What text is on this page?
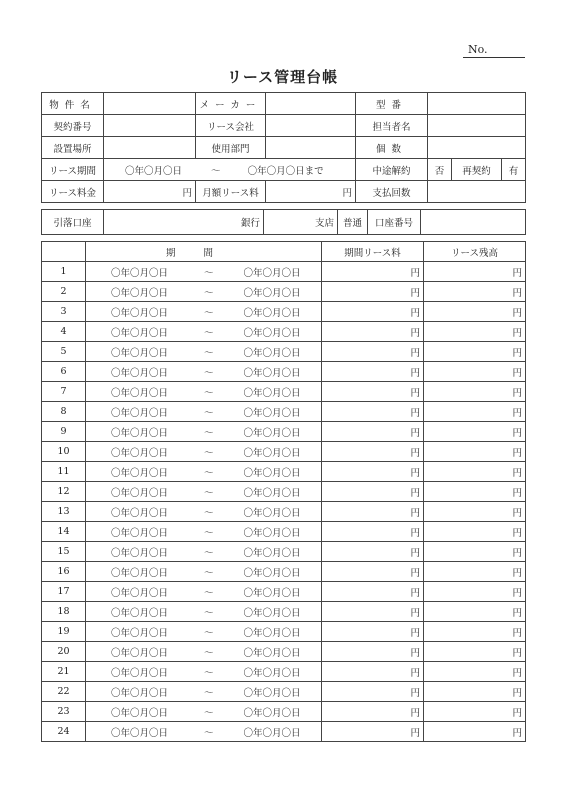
No.
リース管理台帳
物件名		メーカー		型番			
契約番号		リース会社		担当者名			
設置場所		使用部門		個数			
リース期間	〇年〇月〇日 ～ 〇年〇月〇日まで			中途解約	否	再契約	有
リース料金	円	月額リース料	円	支払回数			
引落口座	銀行	支店	普通	口座番号	
	期間	期間リース料	リース残高
1	〇年〇月〇日 ～ 〇年〇月〇日	円	円
2	〇年〇月〇日 ～ 〇年〇月〇日	円	円
3	〇年〇月〇日 ～ 〇年〇月〇日	円	円
4	〇年〇月〇日 ～ 〇年〇月〇日	円	円
5	〇年〇月〇日 ～ 〇年〇月〇日	円	円
6	〇年〇月〇日 ～ 〇年〇月〇日	円	円
7	〇年〇月〇日 ～ 〇年〇月〇日	円	円
8	〇年〇月〇日 ～ 〇年〇月〇日	円	円
9	〇年〇月〇日 ～ 〇年〇月〇日	円	円
10	〇年〇月〇日 ～ 〇年〇月〇日	円	円
11	〇年〇月〇日 ～ 〇年〇月〇日	円	円
12	〇年〇月〇日 ～ 〇年〇月〇日	円	円
13	〇年〇月〇日 ～ 〇年〇月〇日	円	円
14	〇年〇月〇日 ～ 〇年〇月〇日	円	円
15	〇年〇月〇日 ～ 〇年〇月〇日	円	円
16	〇年〇月〇日 ～ 〇年〇月〇日	円	円
17	〇年〇月〇日 ～ 〇年〇月〇日	円	円
18	〇年〇月〇日 ～ 〇年〇月〇日	円	円
19	〇年〇月〇日 ～ 〇年〇月〇日	円	円
20	〇年〇月〇日 ～ 〇年〇月〇日	円	円
21	〇年〇月〇日 ～ 〇年〇月〇日	円	円
22	〇年〇月〇日 ～ 〇年〇月〇日	円	円
23	〇年〇月〇日 ～ 〇年〇月〇日	円	円
24	〇年〇月〇日 ～ 〇年〇月〇日	円	円
